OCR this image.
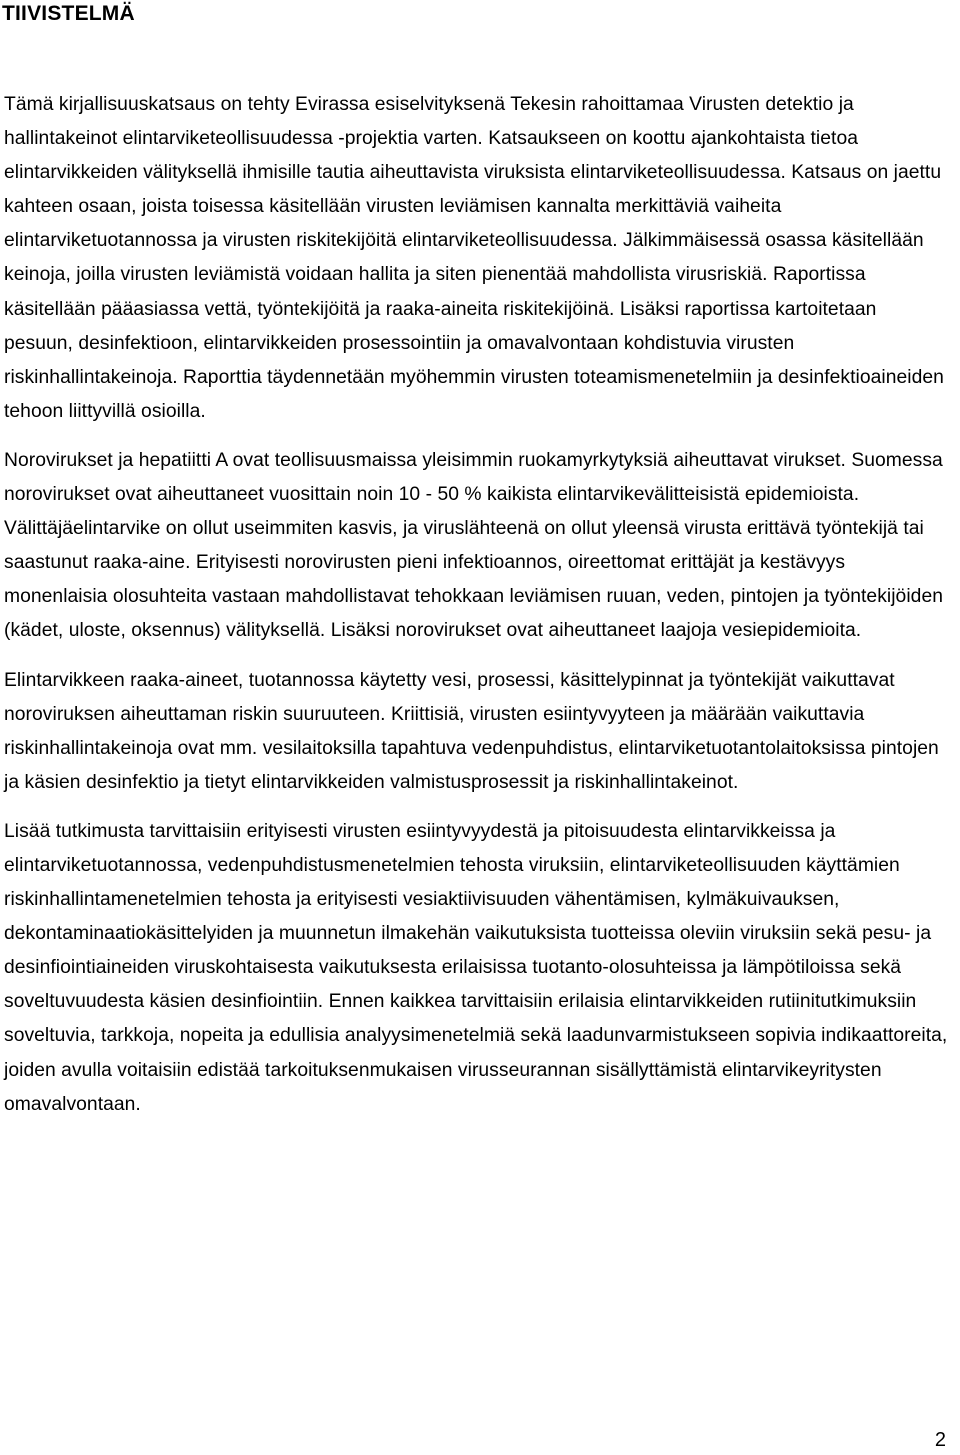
TIIVISTELMÄ

Tämä kirjallisuuskatsaus on tehty Evirassa esiselvityksenä Tekesin rahoittamaa Virusten detektio ja hallintakeinot elintarviketeollisuudessa -projektia varten. Katsaukseen on koottu ajankohtaista tietoa elintarvikkeiden välityksellä ihmisille tautia aiheuttavista viruksista elintarviketeollisuudessa. Katsaus on jaettu kahteen osaan, joista toisessa käsitellään virusten leviämisen kannalta merkittäviä vaiheita elintarviketuotannossa ja virusten riskitekijöitä elintarviketeollisuudessa. Jälkimmäisessä osassa käsitellään keinoja, joilla virusten leviämistä voidaan hallita ja siten pienentää mahdollista virusriskiä. Raportissa käsitellään pääasiassa vettä, työntekijöitä ja raaka-aineita riskitekijöinä. Lisäksi raportissa kartoitetaan pesuun, desinfektioon, elintarvikkeiden prosessointiin ja omavalvontaan kohdistuvia virusten riskinhallintakeinoja. Raporttia täydennetään myöhemmin virusten toteamismenetelmiin ja desinfektioaineiden tehoon liittyvillä osioilla.

Norovirukset ja hepatiitti A ovat teollisuusmaissa yleisimmin ruokamyrkytyksiä aiheuttavat virukset. Suomessa norovirukset ovat aiheuttaneet vuosittain noin 10 - 50 % kaikista elintarvikevälitteisistä epidemioista. Välittäjäelintarvike on ollut useimmiten kasvis, ja viruslähteenä on ollut yleensä virusta erittävä työntekijä tai saastunut raaka-aine. Erityisesti norovirusten pieni infektioannos, oireettomat erittäjät ja kestävyys monenlaisia olosuhteita vastaan mahdollistavat tehokkaan leviämisen ruuan, veden, pintojen ja työntekijöiden (kädet, uloste, oksennus) välityksellä. Lisäksi norovirukset ovat aiheuttaneet laajoja vesiepidemioita.

Elintarvikkeen raaka-aineet, tuotannossa käytetty vesi, prosessi, käsittelypinnat ja työntekijät vaikuttavat noroviruksen aiheuttaman riskin suuruuteen. Kriittisiä, virusten esiintyvyyteen ja määrään vaikuttavia riskinhallintakeinoja ovat mm. vesilaitoksilla tapahtuva vedenpuhdistus, elintarviketuotantolaitoksissa pintojen ja käsien desinfektio ja tietyt elintarvikkeiden valmistusprosessit ja riskinhallintakeinot.

Lisää tutkimusta tarvittaisiin erityisesti virusten esiintyvyydestä ja pitoisuudesta elintarvikkeissa ja elintarviketuotannossa, vedenpuhdistusmenetelmien tehosta viruksiin, elintarviketeollisuuden käyttämien riskinhallintamenetelmien tehosta ja erityisesti vesiaktiivisuuden vähentämisen, kylmäkuivauksen, dekontaminaatiokäsittelyiden ja muunnetun ilmakehän vaikutuksista tuotteissa oleviin viruksiin sekä pesu- ja desinfiointiaineiden viruskohtaisesta vaikutuksesta erilaisissa tuotanto-olosuhteissa ja lämpötiloissa sekä soveltuvuudesta käsien desinfiointiin. Ennen kaikkea tarvittaisiin erilaisia elintarvikkeiden rutiinitutkimuksiin soveltuvia, tarkkoja, nopeita ja edullisia analyysimenetelmiä sekä laadunvarmistukseen sopivia indikaattoreita, joiden avulla voitaisiin edistää tarkoituksenmukaisen virusseurannan sisällyttämistä elintarvikeyritysten omavalvontaan.

2
